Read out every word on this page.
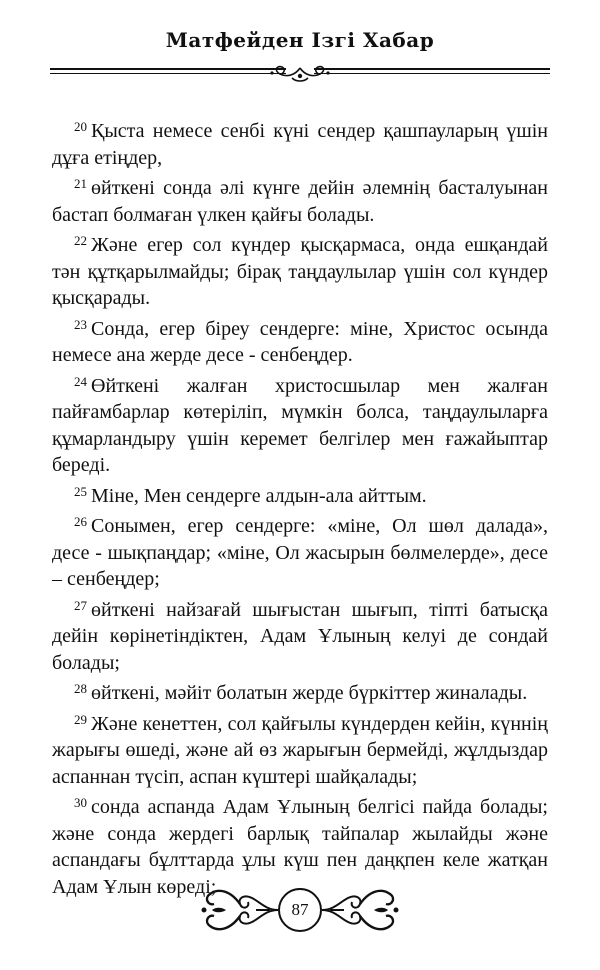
Матфейден Ізгі Хабар

$^{20}$ Қыста немесе сенбі күні сендер қашпауларың үшін дұға етіңдер,

$^{21}$ өйткені сонда әлі күнге дейін әлемнің басталуынан бастап болмаған үлкен қайғы болады.

$^{22}$ Және егер сол күндер қысқармаса, онда ешқандай тән құтқарылмайды; бірақ таңдаулылар үшін сол күндер қысқарады.

$^{23}$ Сонда, егер біреу сендерге: міне, Христос осында немесе ана жерде десе - сенбеңдер.

$^{24}$ Өйткені жалған христосшылар мен жалған пайғамбарлар көтеріліп, мүмкін болса, таңдаулыларға құмарландыру үшін керемет белгілер мен ғажайыптар береді.

$^{25}$ Міне, Мен сендерге алдын-ала айттым.

$^{26}$ Сонымен, егер сендерге: «міне, Ол шөл далада», десе - шықпаңдар; «міне, Ол жасырын бөлмелерде», десе – сенбеңдер;

$^{27}$ өйткені найзағай шығыстан шығып, тіпті батысқа дейін көрінетіндіктен, Адам Ұлының келуі де сондай болады;

$^{28}$ өйткені, мәйіт болатын жерде бүркіттер жиналады.

$^{29}$ Және кенеттен, сол қайғылы күндерден кейін, күннің жарығы өшеді, және ай өз жарығын бермейді, жұлдыздар аспаннан түсіп, аспан күштері шайқалады;

$^{30}$ сонда аспанда Адам Ұлының белгісі пайда болады; және сонда жердегі барлық тайпалар жылайды және аспандағы бұлттарда ұлы күш пен даңқпен келе жатқан Адам Ұлын көреді;

87
